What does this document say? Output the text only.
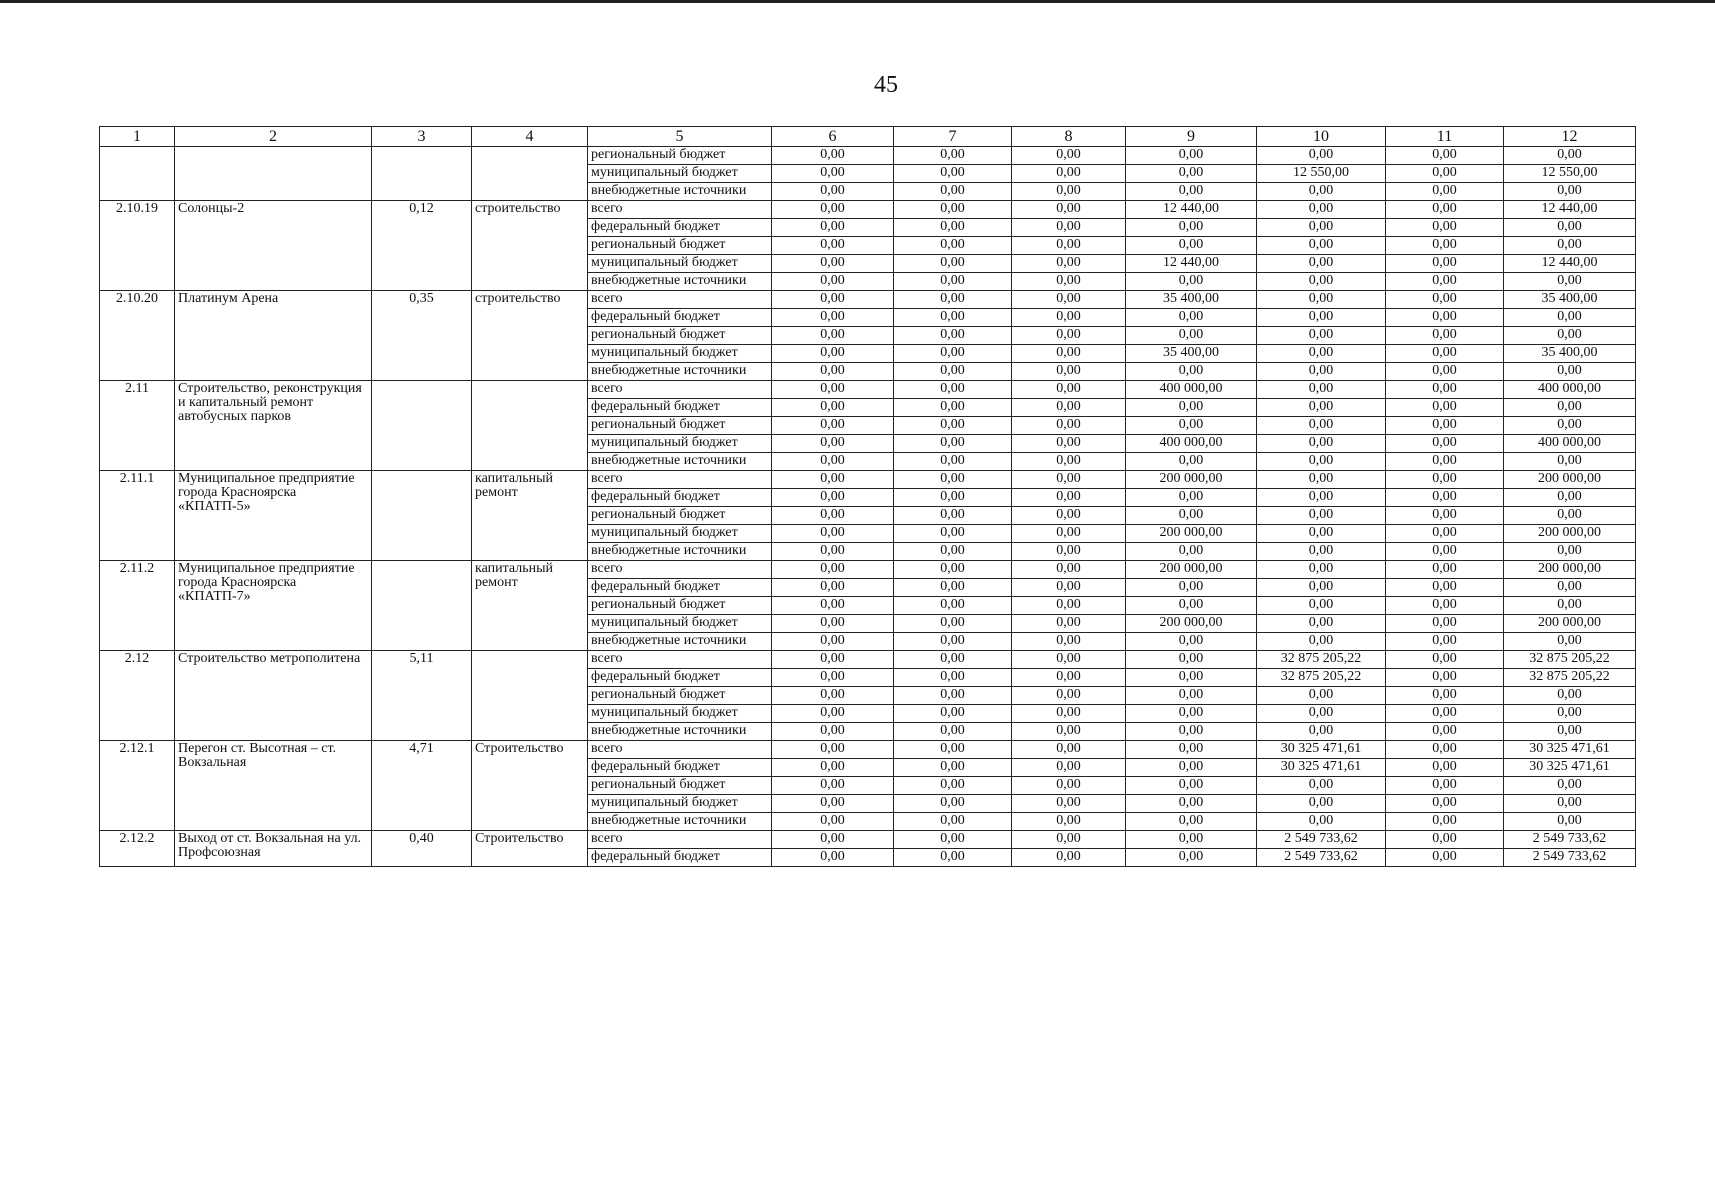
45
1	2	3	4	5	6	7	8	9	10	11	12
				региональный бюджет	0,00	0,00	0,00	0,00	0,00	0,00	0,00
				муниципальный бюджет	0,00	0,00	0,00	0,00	12 550,00	0,00	12 550,00
				внебюджетные источники	0,00	0,00	0,00	0,00	0,00	0,00	0,00
2.10.19	Солонцы-2	0,12	строительство	всего	0,00	0,00	0,00	12 440,00	0,00	0,00	12 440,00
				федеральный бюджет	0,00	0,00	0,00	0,00	0,00	0,00	0,00
				региональный бюджет	0,00	0,00	0,00	0,00	0,00	0,00	0,00
				муниципальный бюджет	0,00	0,00	0,00	12 440,00	0,00	0,00	12 440,00
				внебюджетные источники	0,00	0,00	0,00	0,00	0,00	0,00	0,00
2.10.20	Платинум Арена	0,35	строительство	всего	0,00	0,00	0,00	35 400,00	0,00	0,00	35 400,00
				федеральный бюджет	0,00	0,00	0,00	0,00	0,00	0,00	0,00
				региональный бюджет	0,00	0,00	0,00	0,00	0,00	0,00	0,00
				муниципальный бюджет	0,00	0,00	0,00	35 400,00	0,00	0,00	35 400,00
				внебюджетные источники	0,00	0,00	0,00	0,00	0,00	0,00	0,00
2.11	Строительство, реконструкция и капитальный ремонт автобусных парков			всего	0,00	0,00	0,00	400 000,00	0,00	0,00	400 000,00
				федеральный бюджет	0,00	0,00	0,00	0,00	0,00	0,00	0,00
				региональный бюджет	0,00	0,00	0,00	0,00	0,00	0,00	0,00
				муниципальный бюджет	0,00	0,00	0,00	400 000,00	0,00	0,00	400 000,00
				внебюджетные источники	0,00	0,00	0,00	0,00	0,00	0,00	0,00
2.11.1	Муниципальное предприятие города Красноярска «КПАТП-5»		капитальный ремонт	всего	0,00	0,00	0,00	200 000,00	0,00	0,00	200 000,00
				федеральный бюджет	0,00	0,00	0,00	0,00	0,00	0,00	0,00
				региональный бюджет	0,00	0,00	0,00	0,00	0,00	0,00	0,00
				муниципальный бюджет	0,00	0,00	0,00	200 000,00	0,00	0,00	200 000,00
				внебюджетные источники	0,00	0,00	0,00	0,00	0,00	0,00	0,00
2.11.2	Муниципальное предприятие города Красноярска «КПАТП-7»		капитальный ремонт	всего	0,00	0,00	0,00	200 000,00	0,00	0,00	200 000,00
				федеральный бюджет	0,00	0,00	0,00	0,00	0,00	0,00	0,00
				региональный бюджет	0,00	0,00	0,00	0,00	0,00	0,00	0,00
				муниципальный бюджет	0,00	0,00	0,00	200 000,00	0,00	0,00	200 000,00
				внебюджетные источники	0,00	0,00	0,00	0,00	0,00	0,00	0,00
2.12	Строительство метрополитена	5,11		всего	0,00	0,00	0,00	0,00	32 875 205,22	0,00	32 875 205,22
				федеральный бюджет	0,00	0,00	0,00	0,00	32 875 205,22	0,00	32 875 205,22
				региональный бюджет	0,00	0,00	0,00	0,00	0,00	0,00	0,00
				муниципальный бюджет	0,00	0,00	0,00	0,00	0,00	0,00	0,00
				внебюджетные источники	0,00	0,00	0,00	0,00	0,00	0,00	0,00
2.12.1	Перегон ст. Высотная – ст. Вокзальная	4,71	Строительство	всего	0,00	0,00	0,00	0,00	30 325 471,61	0,00	30 325 471,61
				федеральный бюджет	0,00	0,00	0,00	0,00	30 325 471,61	0,00	30 325 471,61
				региональный бюджет	0,00	0,00	0,00	0,00	0,00	0,00	0,00
				муниципальный бюджет	0,00	0,00	0,00	0,00	0,00	0,00	0,00
				внебюджетные источники	0,00	0,00	0,00	0,00	0,00	0,00	0,00
2.12.2	Выход от ст. Вокзальная на ул. Профсоюзная	0,40	Строительство	всего	0,00	0,00	0,00	0,00	2 549 733,62	0,00	2 549 733,62
				федеральный бюджет	0,00	0,00	0,00	0,00	2 549 733,62	0,00	2 549 733,62
